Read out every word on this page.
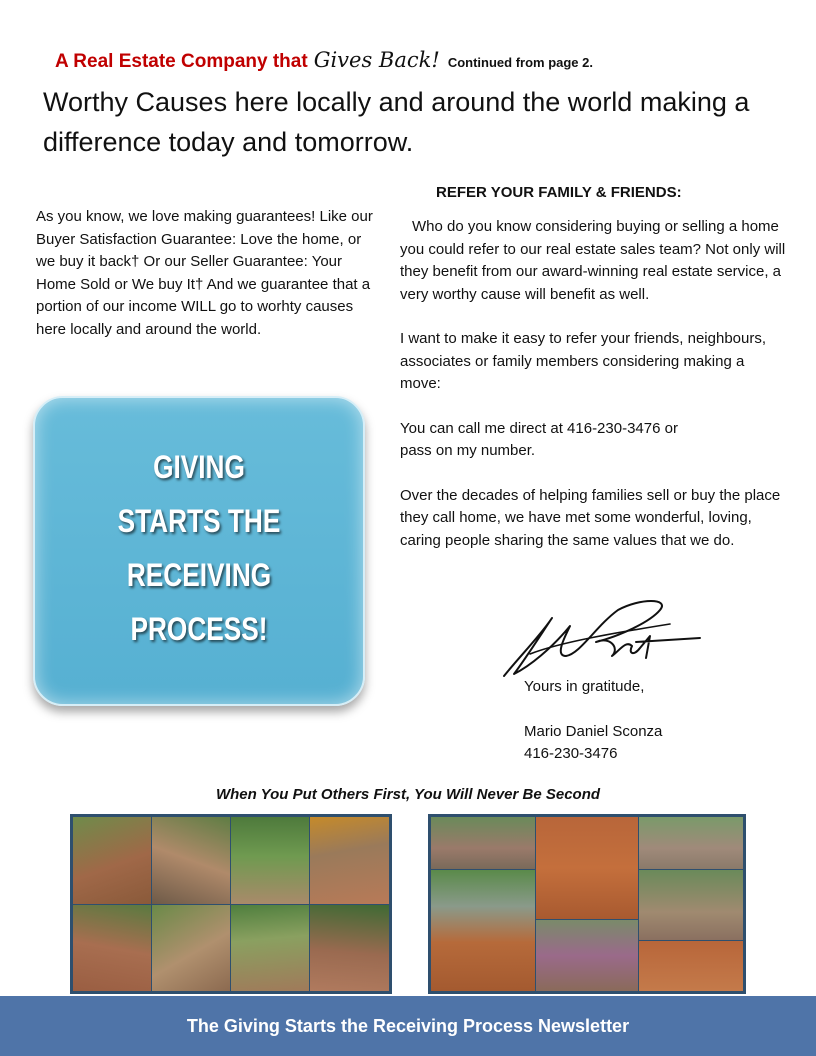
A Real Estate Company that Gives Back! Continued from page 2.
Worthy Causes here locally and around the world making a difference today and tomorrow.
As you know, we love making guarantees! Like our Buyer Satisfaction Guarantee: Love the home, or we buy it back† Or our Seller Guarantee: Your Home Sold or We buy It† And we guarantee that a portion of our income WILL go to worhty causes here locally and around the world.
GIVING
STARTS THE
RECEIVING
PROCESS!
REFER YOUR FAMILY & FRIENDS:

Who do you know considering buying or selling a home you could refer to our real estate sales team? Not only will they benefit from our award-winning real estate service, a very worthy cause will benefit as well.

I want to make it easy to refer your friends, neighbours, associates or family members considering making a move:

You can call me direct at 416-230-3476 or pass on my number.

Over the decades of helping families sell or buy the place they call home, we have met some wonderful, loving, caring people sharing the same values that we do.

Yours in gratitude,
Mario Daniel Sconza
416-230-3476
When You Put Others First, You Will Never Be Second
The Giving Starts the Receiving Process Newsletter
